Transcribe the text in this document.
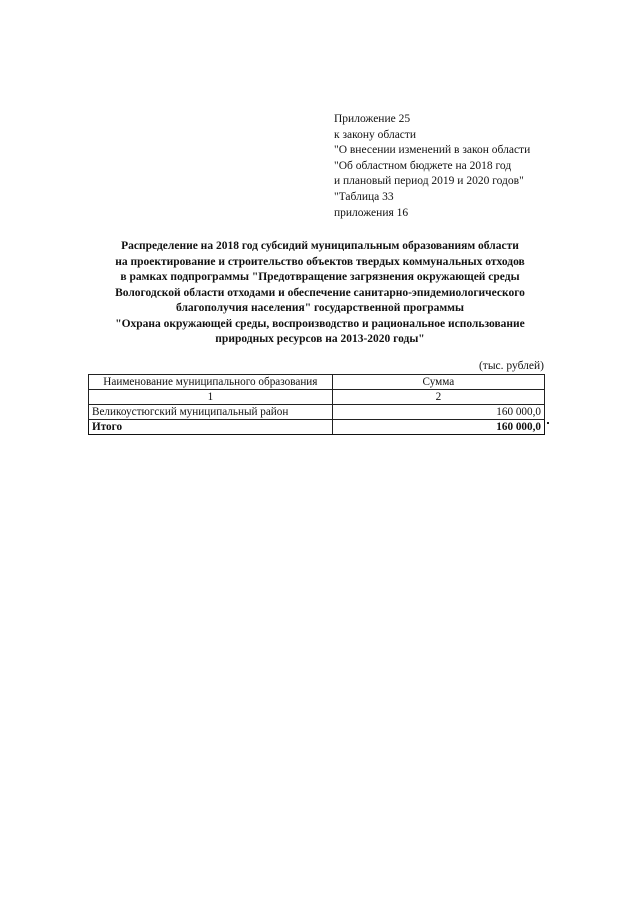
Приложение 25
к закону области
"О внесении изменений в закон области
"Об областном бюджете на 2018 год
и плановый период 2019 и 2020 годов"
"Таблица 33
приложения 16
Распределение на 2018 год субсидий муниципальным образованиям области
на проектирование и строительство объектов твердых коммунальных отходов
в рамках подпрограммы "Предотвращение загрязнения окружающей среды
Вологодской области отходами и обеспечение санитарно-эпидемиологического
благополучия населения" государственной программы
"Охрана окружающей среды, воспроизводство и рациональное использование
природных ресурсов на 2013-2020 годы"
(тыс. рублей)
Наименование муниципального образования	Сумма
1	2
Великоустюгский муниципальный район	160 000,0
Итого	160 000,0
